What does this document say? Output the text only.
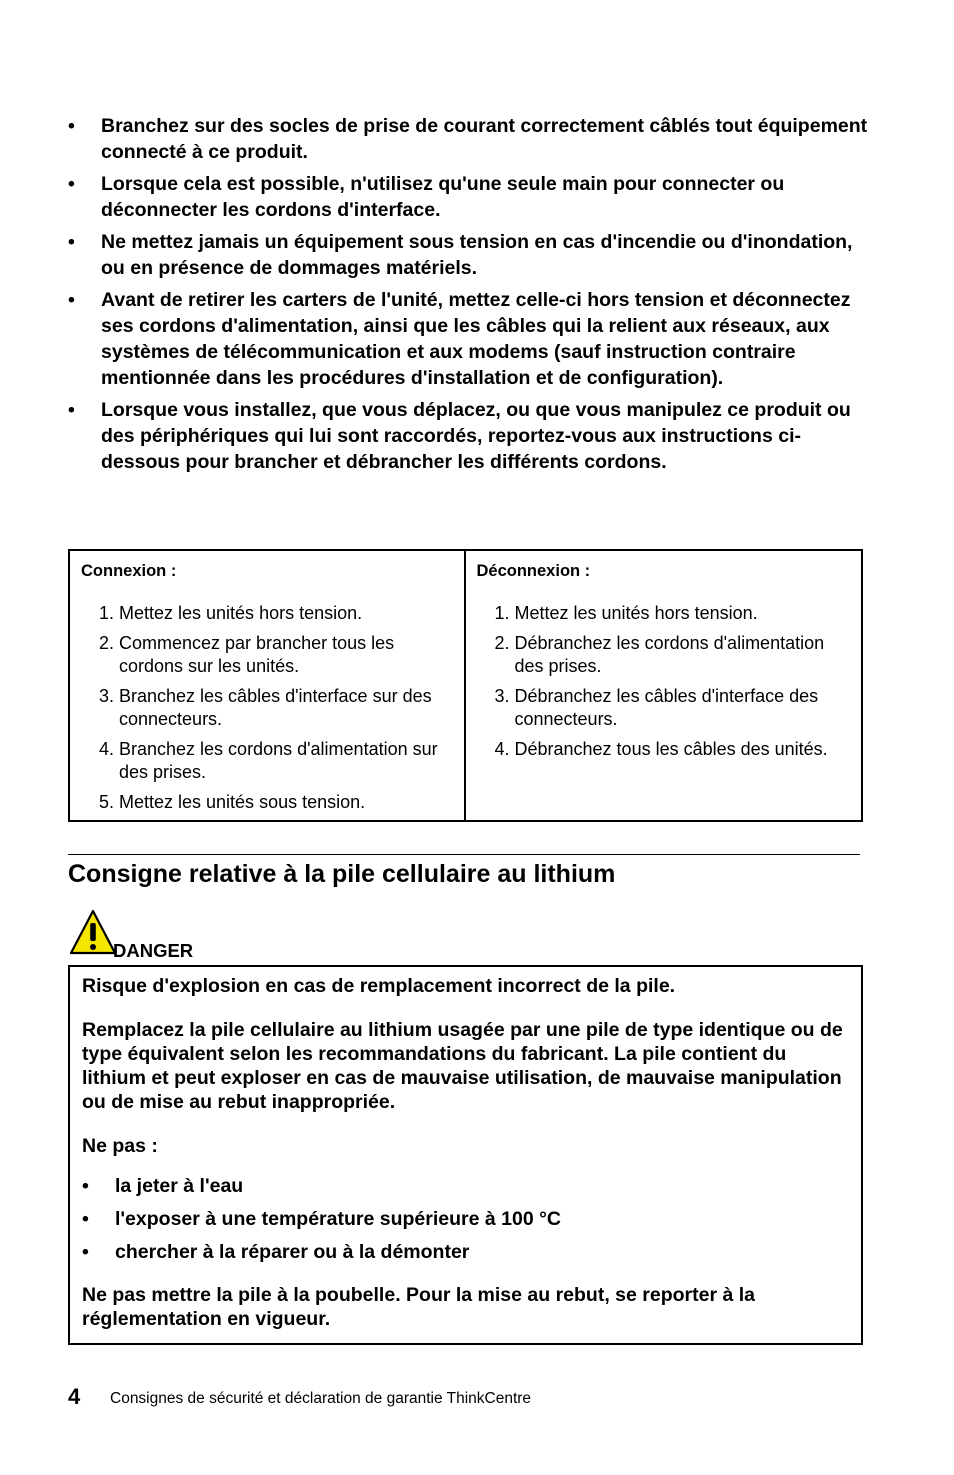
• Branchez sur des socles de prise de courant correctement câblés tout équipement connecté à ce produit.
• Lorsque cela est possible, n'utilisez qu'une seule main pour connecter ou déconnecter les cordons d'interface.
• Ne mettez jamais un équipement sous tension en cas d'incendie ou d'inondation, ou en présence de dommages matériels.
• Avant de retirer les carters de l'unité, mettez celle-ci hors tension et déconnectez ses cordons d'alimentation, ainsi que les câbles qui la relient aux réseaux, aux systèmes de télécommunication et aux modems (sauf instruction contraire mentionnée dans les procédures d'installation et de configuration).
• Lorsque vous installez, que vous déplacez, ou que vous manipulez ce produit ou des périphériques qui lui sont raccordés, reportez-vous aux instructions ci-dessous pour brancher et débrancher les différents cordons.
Connexion :
1. Mettez les unités hors tension.
2. Commencez par brancher tous les cordons sur les unités.
3. Branchez les câbles d'interface sur des connecteurs.
4. Branchez les cordons d'alimentation sur des prises.
5. Mettez les unités sous tension.
Déconnexion :
1. Mettez les unités hors tension.
2. Débranchez les cordons d'alimentation des prises.
3. Débranchez les câbles d'interface des connecteurs.
4. Débranchez tous les câbles des unités.
Consigne relative à la pile cellulaire au lithium
DANGER

Risque d'explosion en cas de remplacement incorrect de la pile.

Remplacez la pile cellulaire au lithium usagée par une pile de type identique ou de type équivalent selon les recommandations du fabricant. La pile contient du lithium et peut exploser en cas de mauvaise utilisation, de mauvaise manipulation ou de mise au rebut inappropriée.

Ne pas :

• la jeter à l'eau
• l'exposer à une température supérieure à 100 °C
• chercher à la réparer ou à la démonter

Ne pas mettre la pile à la poubelle. Pour la mise au rebut, se reporter à la réglementation en vigueur.

4 Consignes de sécurité et déclaration de garantie ThinkCentre
